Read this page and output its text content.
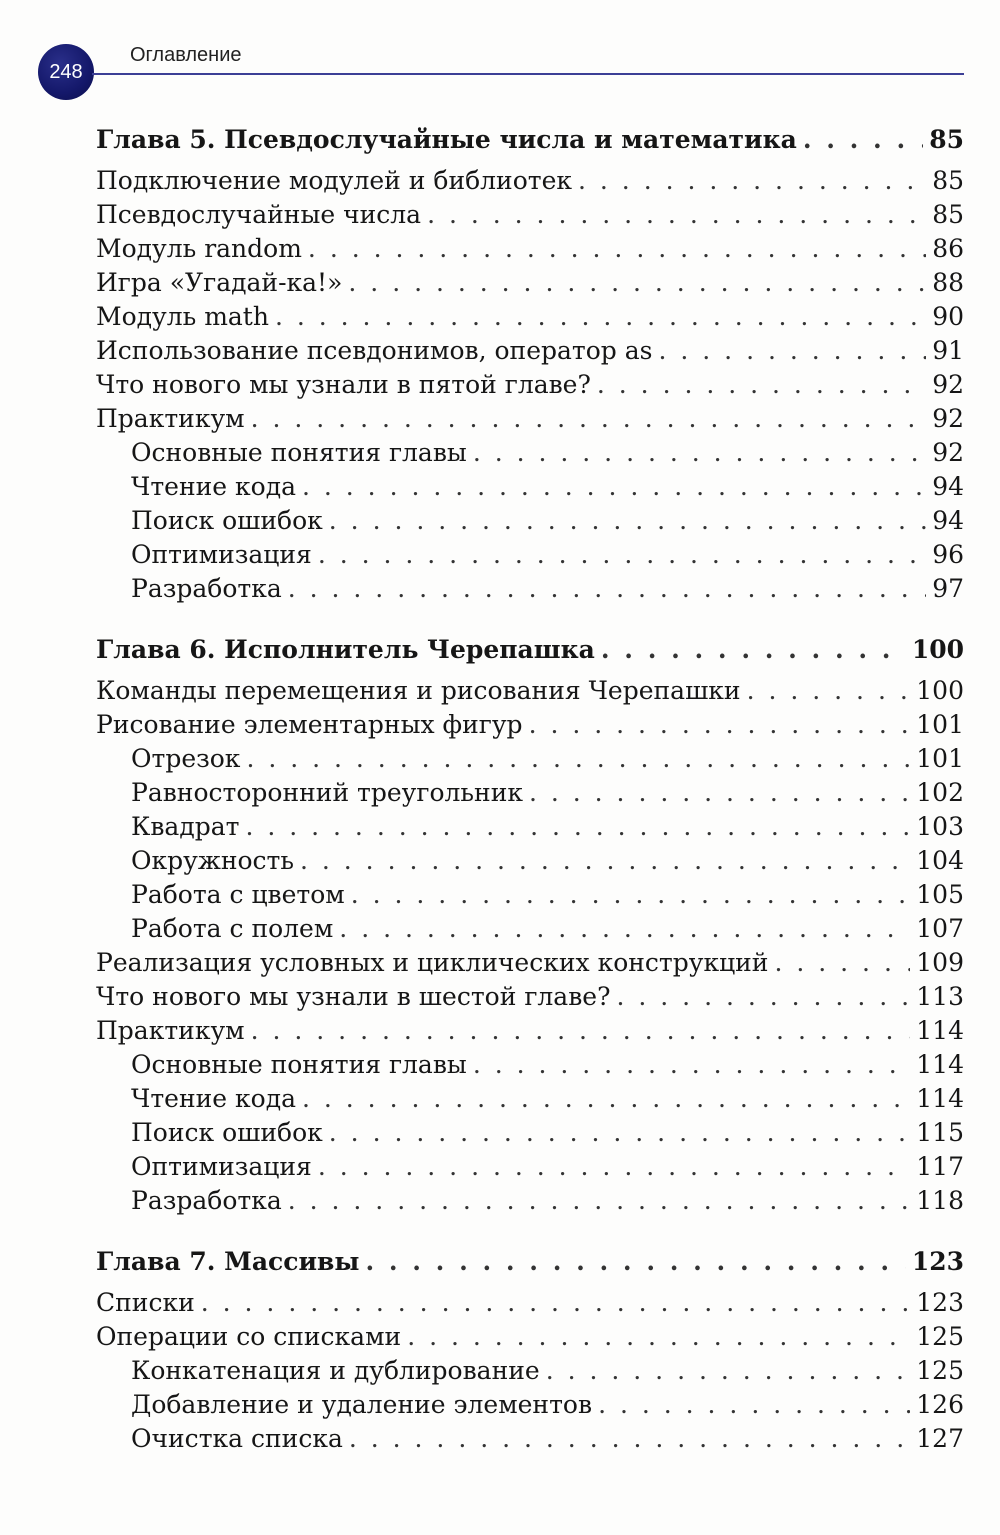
248
Оглавление
Глава 5. Псевдослучайные числа и математика . . .	85
Подключение модулей и библиотек . . .	85
Псевдослучайные числа . . .	85
Модуль random . . .	86
Игра «Угадай-ка!» . . .	88
Модуль math . . .	90
Использование псевдонимов, оператор as . . .	91
Что нового мы узнали в пятой главе? . . .	92
Практикум . . .	92
Основные понятия главы . . .	92
Чтение кода . . .	94
Поиск ошибок . . .	94
Оптимизация . . .	96
Разработка . . .	97
Глава 6. Исполнитель Черепашка . . .	100
Команды перемещения и рисования Черепашки . . .	100
Рисование элементарных фигур . . .	101
Отрезок . . .	101
Равносторонний треугольник . . .	102
Квадрат . . .	103
Окружность . . .	104
Работа с цветом . . .	105
Работа с полем . . .	107
Реализация условных и циклических конструкций . . .	109
Что нового мы узнали в шестой главе? . . .	113
Практикум . . .	114
Основные понятия главы . . .	114
Чтение кода . . .	114
Поиск ошибок . . .	115
Оптимизация . . .	117
Разработка . . .	118
Глава 7. Массивы . . .	123
Списки . . .	123
Операции со списками . . .	125
Конкатенация и дублирование . . .	125
Добавление и удаление элементов . . .	126
Очистка списка . . .	127
